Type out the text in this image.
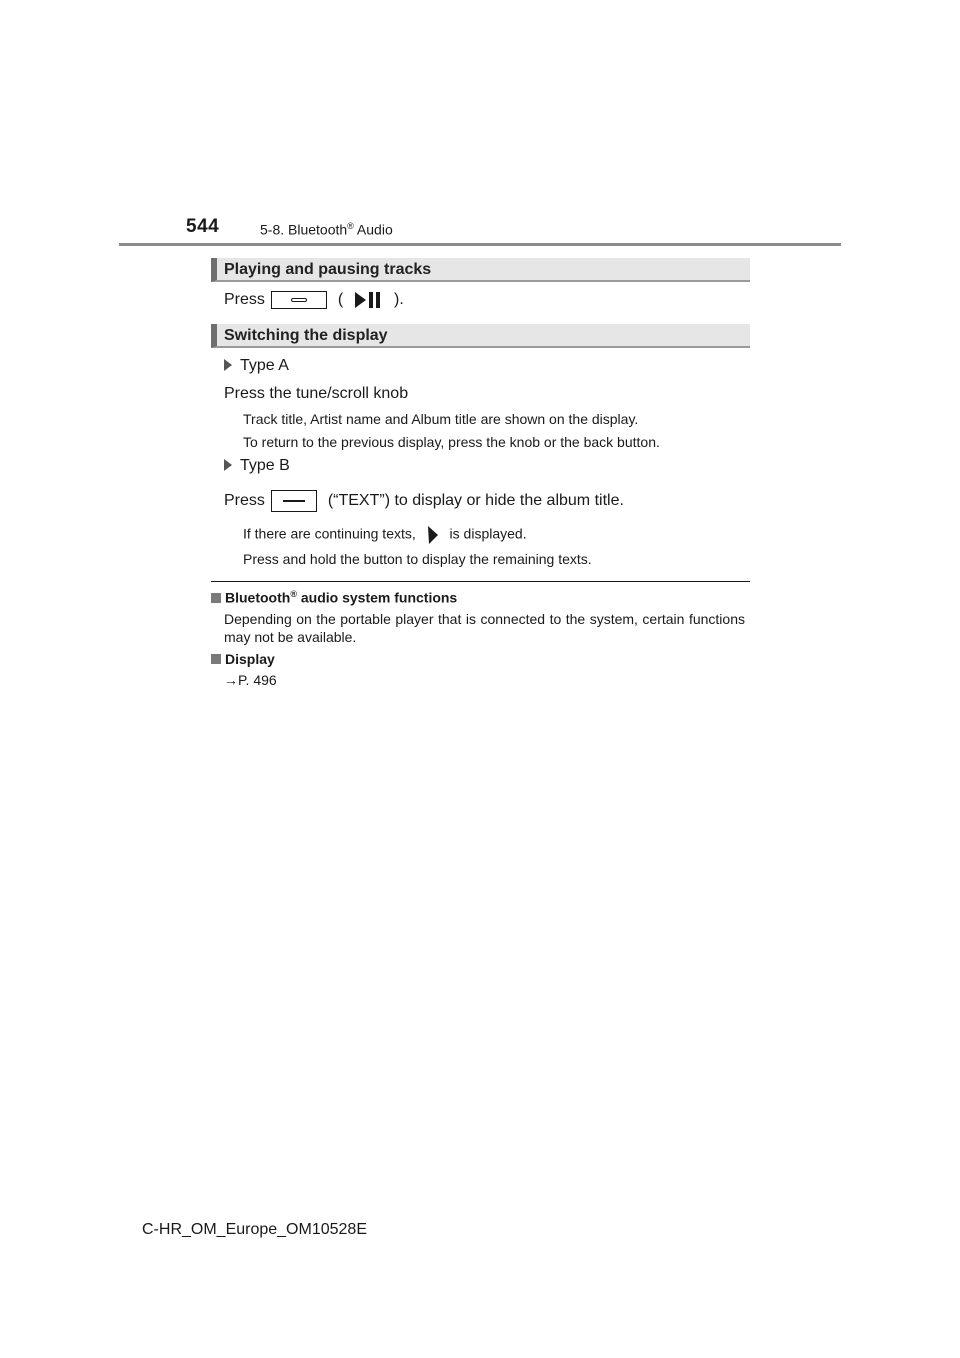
544	5-8. Bluetooth® Audio
Playing and pausing tracks
Press	(	).
Switching the display
Type A
Press the tune/scroll knob
Track title, Artist name and Album title are shown on the display.
To return to the previous display, press the knob or the back button.
Type B
Press	(“TEXT”) to display or hide the album title.
If there are continuing texts, is displayed.
Press and hold the button to display the remaining texts.
Bluetooth® audio system functions
Depending on the portable player that is connected to the system, certain functions may not be available.
Display
→P. 496
C-HR_OM_Europe_OM10528E
